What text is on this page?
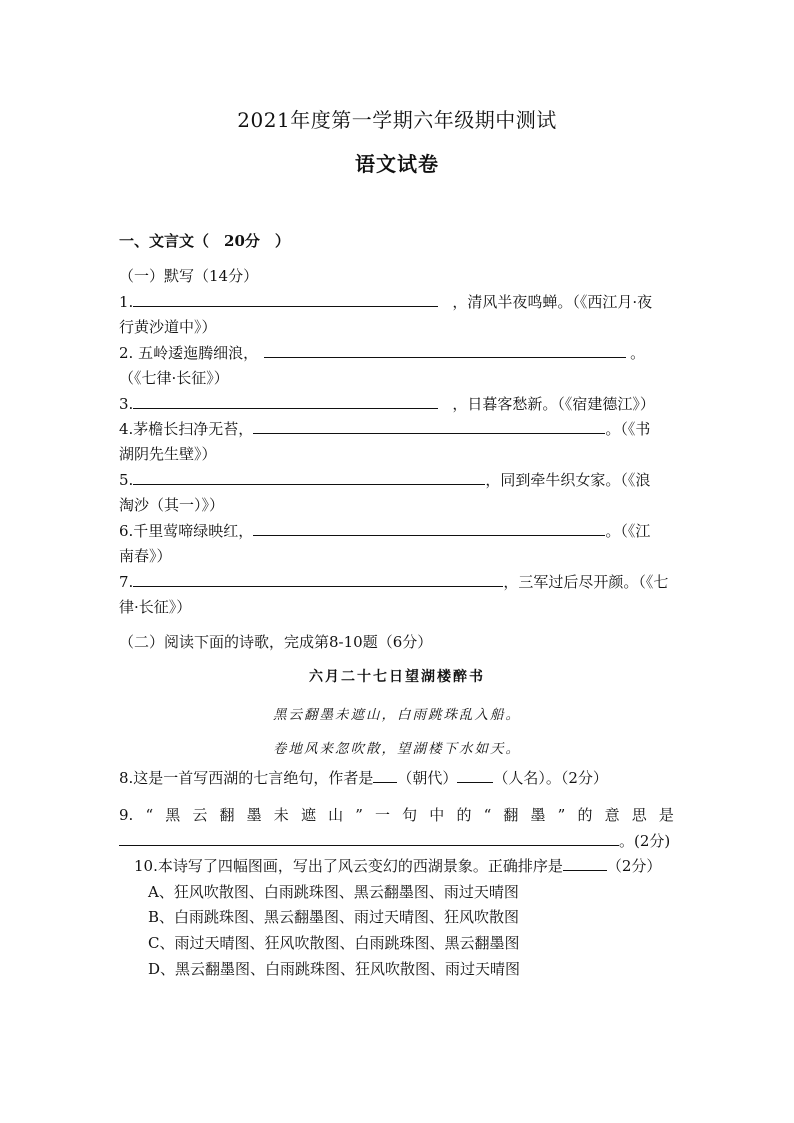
2021年度第一学期六年级期中测试
语文试卷
一、文言文（　20分　）
（一）默写（14分）
1.	，清风半夜鸣蝉。（《西江月·夜
行黄沙道中》）
2. 五岭逶迤腾细浪，	。
（《七律·长征》）
3.	，日暮客愁新。（《宿建德江》）
4.茅檐长扫净无苔，	。（《书
湖阴先生壁》）
5.	，同到牵牛织女家。（《浪
淘沙（其一）》）
6.千里莺啼绿映红，	。（《江
南春》）
7.	，三军过后尽开颜。（《七
律·长征》）
（二）阅读下面的诗歌，完成第8-10题（6分）
六月二十七日望湖楼醉书
黑云翻墨未遮山，白雨跳珠乱入船。
卷地风来忽吹散，望湖楼下水如天。
8.这是一首写西湖的七言绝句，作者是 （朝代） （人名）。（2分）
9. “ 黑 云 翻 墨 未 遮 山 ” 一 句 中 的 “ 翻 墨 ” 的 意 思 是
。(2分)
10.本诗写了四幅图画，写出了风云变幻的西湖景象。正确排序是	（2分）
A、狂风吹散图、白雨跳珠图、黑云翻墨图、雨过天晴图
B、白雨跳珠图、黑云翻墨图、雨过天晴图、狂风吹散图
C、雨过天晴图、狂风吹散图、白雨跳珠图、黑云翻墨图
D、黑云翻墨图、白雨跳珠图、狂风吹散图、雨过天晴图
